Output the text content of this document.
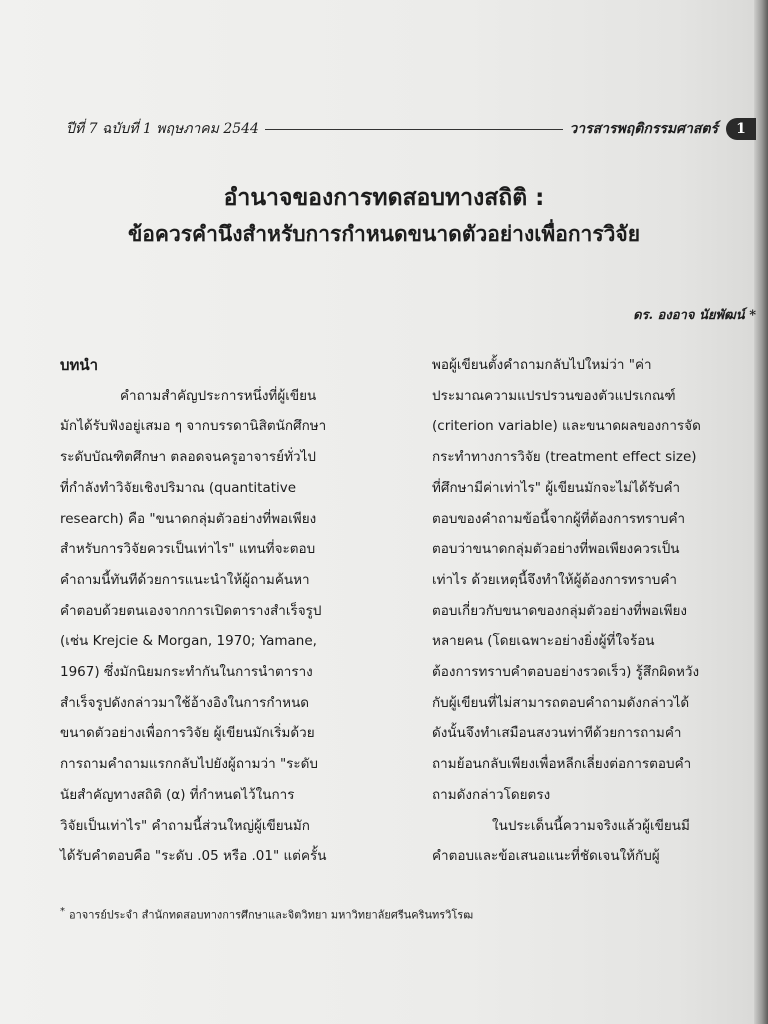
ปีที่ 7 ฉบับที่ 1 พฤษภาคม 2544	วารสารพฤติกรรมศาสตร์	1
อำนาจของการทดสอบทางสถิติ :
ข้อควรคำนึงสำหรับการกำหนดขนาดตัวอย่างเพื่อการวิจัย
ดร. องอาจ นัยพัฒน์ *

บทนำ

คำถามสำคัญประการหนึ่งที่ผู้เขียน

มักได้รับฟังอยู่เสมอ ๆ จากบรรดานิสิตนักศึกษา

ระดับบัณฑิตศึกษา ตลอดจนครูอาจารย์ทั่วไป

ที่กำลังทำวิจัยเชิงปริมาณ (quantitative

research) คือ "ขนาดกลุ่มตัวอย่างที่พอเพียง

สำหรับการวิจัยควรเป็นเท่าไร" แทนที่จะตอบ

คำถามนี้ทันทีด้วยการแนะนำให้ผู้ถามค้นหา

คำตอบด้วยตนเองจากการเปิดตารางสำเร็จรูป

(เช่น Krejcie & Morgan, 1970; Yamane,

1967) ซึ่งมักนิยมกระทำกันในการนำตาราง

สำเร็จรูปดังกล่าวมาใช้อ้างอิงในการกำหนด

ขนาดตัวอย่างเพื่อการวิจัย ผู้เขียนมักเริ่มด้วย

การถามคำถามแรกกลับไปยังผู้ถามว่า "ระดับ

นัยสำคัญทางสถิติ (α) ที่กำหนดไว้ในการ

วิจัยเป็นเท่าไร" คำถามนี้ส่วนใหญ่ผู้เขียนมัก

ได้รับคำตอบคือ "ระดับ .05 หรือ .01" แต่ครั้น

พอผู้เขียนตั้งคำถามกลับไปใหม่ว่า "ค่า

ประมาณความแปรปรวนของตัวแปรเกณฑ์

(criterion variable) และขนาดผลของการจัด

กระทำทางการวิจัย (treatment effect size)

ที่ศึกษามีค่าเท่าไร" ผู้เขียนมักจะไม่ได้รับคำ

ตอบของคำถามข้อนี้จากผู้ที่ต้องการทราบคำ

ตอบว่าขนาดกลุ่มตัวอย่างที่พอเพียงควรเป็น

เท่าไร ด้วยเหตุนี้จึงทำให้ผู้ต้องการทราบคำ

ตอบเกี่ยวกับขนาดของกลุ่มตัวอย่างที่พอเพียง

หลายคน (โดยเฉพาะอย่างยิ่งผู้ที่ใจร้อน

ต้องการทราบคำตอบอย่างรวดเร็ว) รู้สึกผิดหวัง

กับผู้เขียนที่ไม่สามารถตอบคำถามดังกล่าวได้

ดังนั้นจึงทำเสมือนสงวนท่าทีด้วยการถามคำ

ถามย้อนกลับเพียงเพื่อหลีกเลี่ยงต่อการตอบคำ

ถามดังกล่าวโดยตรง

ในประเด็นนี้ความจริงแล้วผู้เขียนมี

คำตอบและข้อเสนอแนะที่ชัดเจนให้กับผู้

* อาจารย์ประจำ สำนักทดสอบทางการศึกษาและจิตวิทยา มหาวิทยาลัยศรีนครินทรวิโรฒ
